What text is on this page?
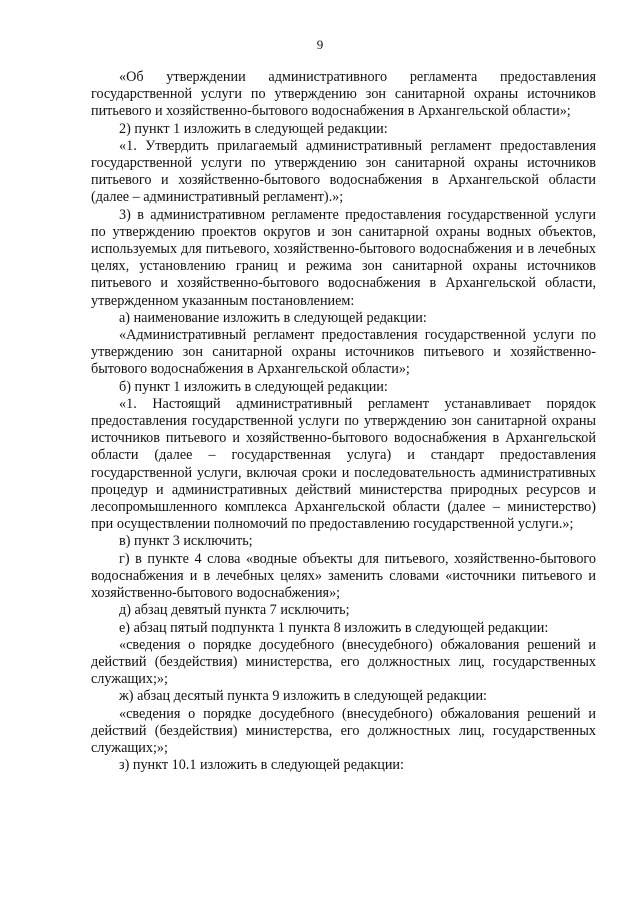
9

«Об утверждении административного регламента предоставления государственной услуги по утверждению зон санитарной охраны источников питьевого и хозяйственно-бытового водоснабжения в Архангельской области»;

2) пункт 1 изложить в следующей редакции:

«1. Утвердить прилагаемый административный регламент предоставления государственной услуги по утверждению зон санитарной охраны источников питьевого и хозяйственно-бытового водоснабжения в Архангельской области (далее – административный регламент).»;

3) в административном регламенте предоставления государственной услуги по утверждению проектов округов и зон санитарной охраны водных объектов, используемых для питьевого, хозяйственно-бытового водоснабжения и в лечебных целях, установлению границ и режима зон санитарной охраны источников питьевого и хозяйственно-бытового водоснабжения в Архангельской области, утвержденном указанным постановлением:

а) наименование изложить в следующей редакции:

«Административный регламент предоставления государственной услуги по утверждению зон санитарной охраны источников питьевого и хозяйственно-бытового водоснабжения в Архангельской области»;

б) пункт 1 изложить в следующей редакции:

«1. Настоящий административный регламент устанавливает порядок предоставления государственной услуги по утверждению зон санитарной охраны источников питьевого и хозяйственно-бытового водоснабжения в Архангельской области (далее – государственная услуга) и стандарт предоставления государственной услуги, включая сроки и последовательность административных процедур и административных действий министерства природных ресурсов и лесопромышленного комплекса Архангельской области (далее – министерство) при осуществлении полномочий по предоставлению государственной услуги.»;

в) пункт 3 исключить;

г) в пункте 4 слова «водные объекты для питьевого, хозяйственно-бытового водоснабжения и в лечебных целях» заменить словами «источники питьевого и хозяйственно-бытового водоснабжения»;

д) абзац девятый пункта 7 исключить;

е) абзац пятый подпункта 1 пункта 8 изложить в следующей редакции:

«сведения о порядке досудебного (внесудебного) обжалования решений и действий (бездействия) министерства, его должностных лиц, государственных служащих;»;

ж) абзац десятый пункта 9 изложить в следующей редакции:

«сведения о порядке досудебного (внесудебного) обжалования решений и действий (бездействия) министерства, его должностных лиц, государственных служащих;»;

з) пункт 10.1 изложить в следующей редакции:
